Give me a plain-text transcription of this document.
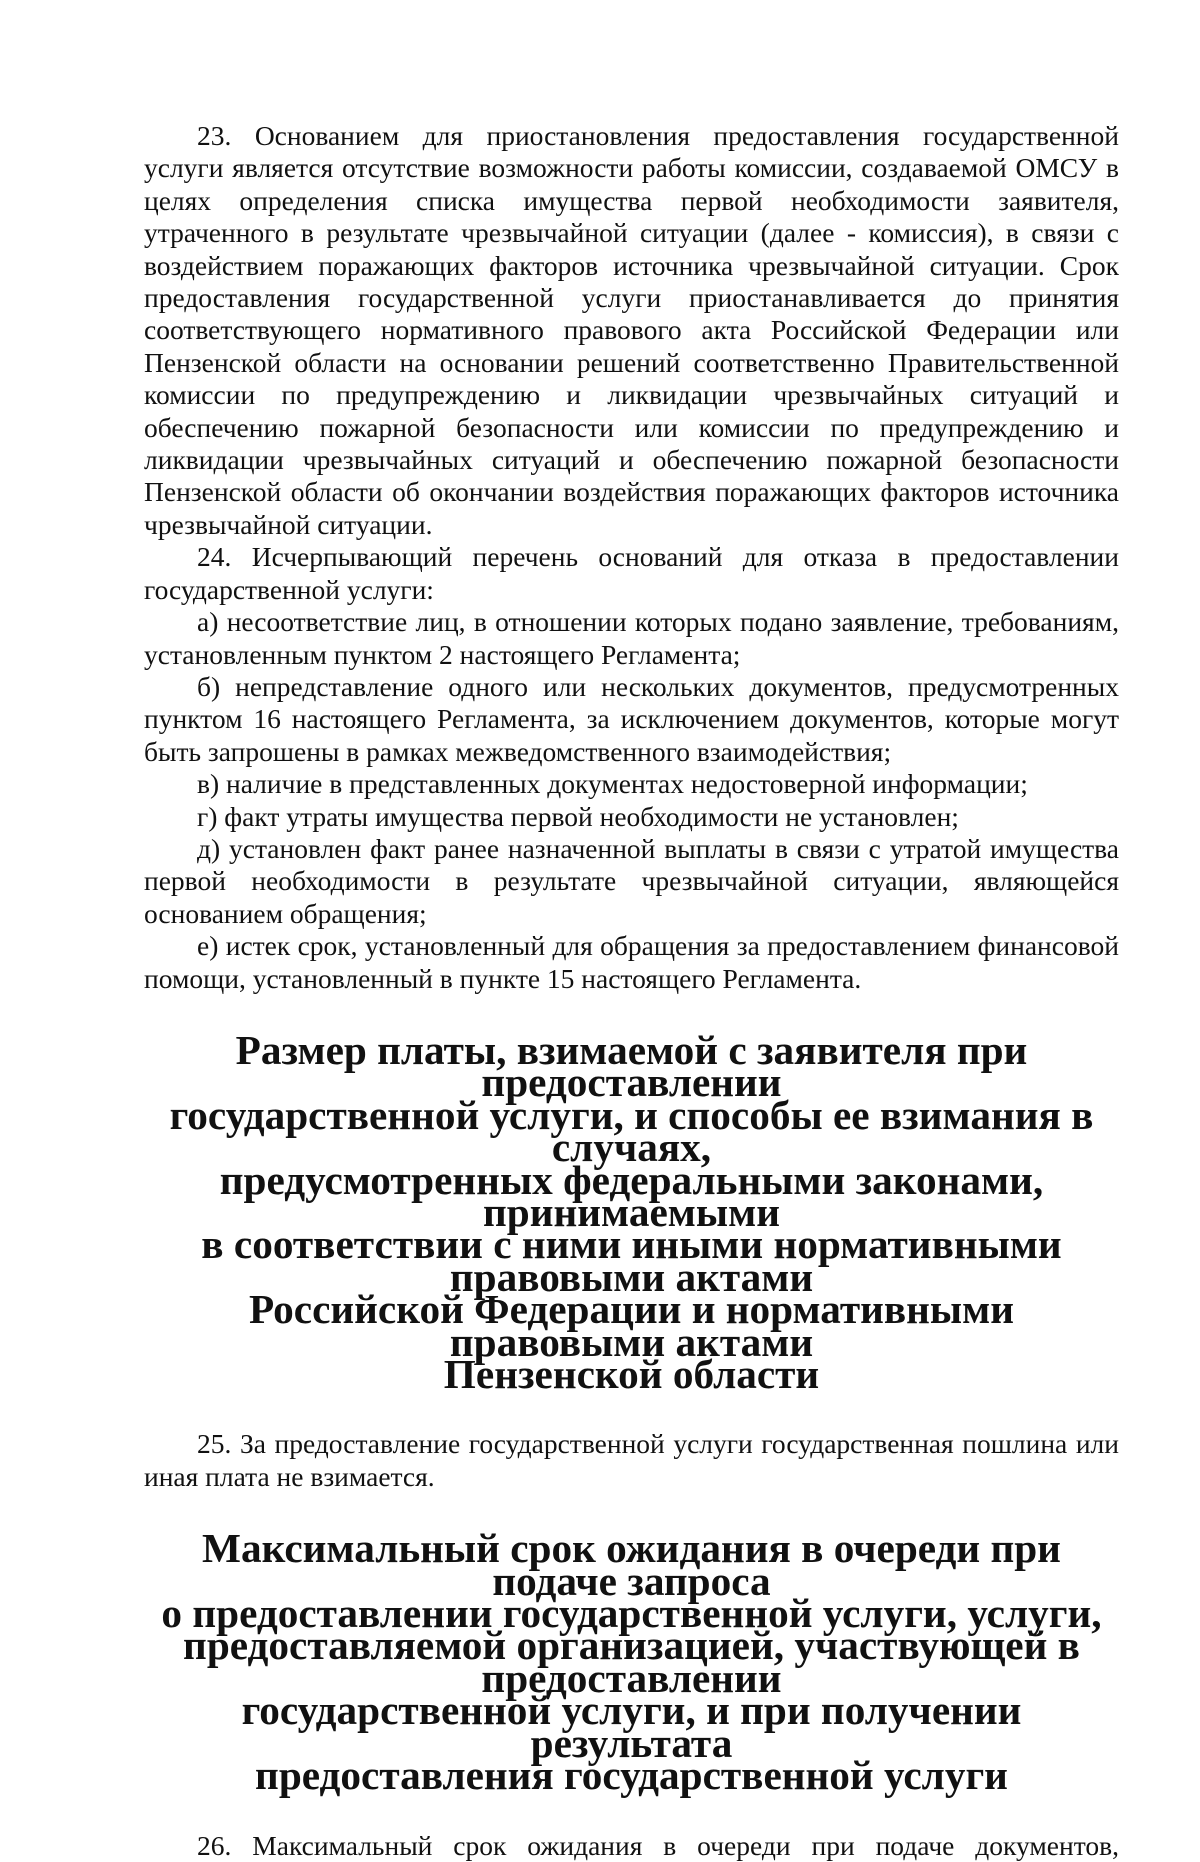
23. Основанием для приостановления предоставления государственной услуги является отсутствие возможности работы комиссии, создаваемой ОМСУ в целях определения списка имущества первой необходимости заявителя, утраченного в результате чрезвычайной ситуации (далее - комиссия), в связи с воздействием поражающих факторов источника чрезвычайной ситуации. Срок предоставления государственной услуги приостанавливается до принятия соответствующего нормативного правового акта Российской Федерации или Пензенской области на основании решений соответственно Правительственной комиссии по предупреждению и ликвидации чрезвычайных ситуаций и обеспечению пожарной безопасности или комиссии по предупреждению и ликвидации чрезвычайных ситуаций и обеспечению пожарной безопасности Пензенской области об окончании воздействия поражающих факторов источника чрезвычайной ситуации.

24. Исчерпывающий перечень оснований для отказа в предоставлении государственной услуги:

а) несоответствие лиц, в отношении которых подано заявление, требованиям, установленным пунктом 2 настоящего Регламента;

б) непредставление одного или нескольких документов, предусмотренных пунктом 16 настоящего Регламента, за исключением документов, которые могут быть запрошены в рамках межведомственного взаимодействия;

в) наличие в представленных документах недостоверной информации;

г) факт утраты имущества первой необходимости не установлен;

д) установлен факт ранее назначенной выплаты в связи с утратой имущества первой необходимости в результате чрезвычайной ситуации, являющейся основанием обращения;

е) истек срок, установленный для обращения за предоставлением финансовой помощи, установленный в пункте 15 настоящего Регламента.

Размер платы, взимаемой с заявителя при предоставлении
государственной услуги, и способы ее взимания в случаях,
предусмотренных федеральными законами, принимаемыми
в соответствии с ними иными нормативными правовыми актами
Российской Федерации и нормативными правовыми актами
Пензенской области

25. За предоставление государственной услуги государственная пошлина или иная плата не взимается.

Максимальный срок ожидания в очереди при подаче запроса
о предоставлении государственной услуги, услуги,
предоставляемой организацией, участвующей в предоставлении
государственной услуги, и при получении результата
предоставления государственной услуги

26. Максимальный срок ожидания в очереди при подаче документов,
